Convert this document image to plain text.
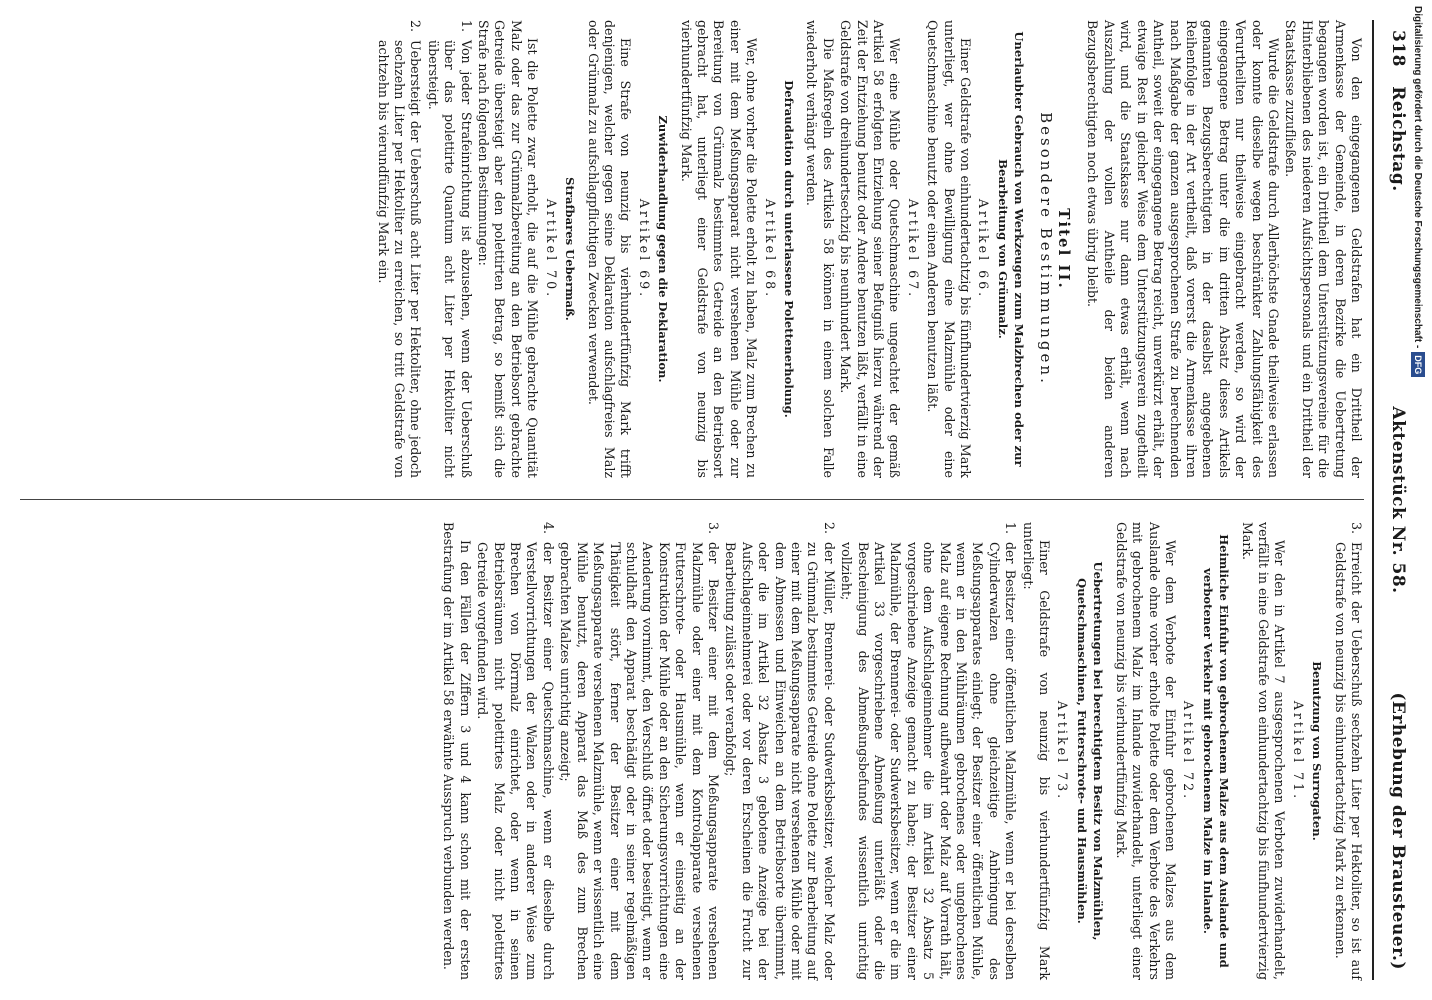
318   Reichstag.
Aktenstück Nr. 58.
(Erhebung der Brausteuer.)

Von den eingegangenen Geldstrafen hat ein Drittheil der Armenkasse der Gemeinde, in deren Bezirke die Uebertretung begangen worden ist, ein Drittheil dem Unterstützungsvereine für die Hinterbliebenen des niederen Aufsichtspersonals und ein Drittheil der Staatskasse zuzufließen.

Wurde die Geldstrafe durch Allerhöchste Gnade theilweise erlassen oder konnte dieselbe wegen beschränkter Zahlungsfähigkeit des Verurtheilten nur theilweise eingebracht werden, so wird der eingegangene Betrag unter die im dritten Absatz dieses Artikels genannten Bezugsberechtigten in der daselbst angegebenen Reihenfolge in der Art vertheilt, daß vorerst die Armenkasse ihren nach Maßgabe der ganzen ausgesprochenen Strafe zu berechnenden Antheil, soweit der eingegangene Betrag reicht, unverkürzt erhält, der etwaige Rest in gleicher Weise dem Unterstützungsverein zugetheilt wird, und die Staatskasse nur dann etwas erhält, wenn nach Auszahlung der vollen Antheile der beiden anderen Bezugsberechtigten noch etwas übrig bleibt.

Titel II.
Besondere Bestimmungen.
Unerlaubter Gebrauch von Werkzeugen zum Malzbrechen oder zur Bearbeitung von Grünmalz.
Artikel 66.

Einer Geldstrafe von einhundertachtzig bis fünfhundertvierzig Mark unterliegt, wer ohne Bewilligung eine Malzmühle oder eine Quetschmaschine benutzt oder einen Anderen benutzen läßt.

Artikel 67.

Wer eine Mühle oder Quetschmaschine ungeachtet der gemäß Artikel 58 erfolgten Entziehung seiner Befugniß hierzu während der Zeit der Entziehung benutzt oder Andere benutzen läßt, verfällt in eine Geldstrafe von dreihundertsechzig bis neunhundert Mark.

Die Maßregeln des Artikels 58 können in einem solchen Falle wiederholt verhängt werden.

Defraudation durch unterlassene Polettenerholung.
Artikel 68.

Wer, ohne vorher die Polette erholt zu haben, Malz zum Brechen zu einer mit dem Meßungsapparat nicht versehenen Mühle oder zur Bereitung von Grünmalz bestimmtes Getreide an den Betriebsort gebracht hat, unterliegt einer Geldstrafe von neunzig bis vierhundertfünfzig Mark.

Zuwiderhandlung gegen die Deklaration.
Artikel 69.

Eine Strafe von neunzig bis vierhundertfünfzig Mark trifft denjenigen, welcher gegen seine Deklaration aufschlagfreies Malz oder Grünmalz zu aufschlagpflichtigen Zwecken verwendet.

Strafbares Uebermaß.
Artikel 70.

Ist die Polette zwar erholt, die auf die Mühle gebrachte Quantität Malz oder das zur Grünmalzbereitung an den Betriebsort gebrachte Getreide übersteigt aber den polettirten Betrag, so bemißt sich die Strafe nach folgenden Bestimmungen:

1.
Von jeder Strafeinrichtung ist abzusehen, wenn der Ueberschuß über das polettirte Quantum acht Liter per Hektoliter nicht übersteigt.
2.
Uebersteigt der Ueberschuß acht Liter per Hektoliter, ohne jedoch sechzehn Liter per Hektoliter zu erreichen, so tritt Geldstrafe von achtzehn bis vierundfünfzig Mark ein.
3.
Erreicht der Ueberschuß sechzehn Liter per Hektoliter, so ist auf Geldstrafe von neunzig bis einhundertachtzig Mark zu erkennen.
Benutzung von Surrogaten.
Artikel 71.

Wer den in Artikel 7 ausgesprochenen Verboten zuwiderhandelt, verfällt in eine Geldstrafe von einhundertachtzig bis fünfhundertvierzig Mark.

Heimliche Einfuhr von gebrochenem Malze aus dem Auslande und verbotener Verkehr mit gebrochenem Malze im Inlande.
Artikel 72.

Wer dem Verbote der Einfuhr gebrochenen Malzes aus dem Auslande ohne vorher erholte Polette oder dem Verbote des Verkehrs mit gebrochenem Malz im Inlande zuwiderhandelt, unterliegt einer Geldstrafe von neunzig bis vierhundertfünfzig Mark.

Uebertretungen bei berechtigtem Besitz von Malzmühlen, Quetschmaschinen, Futterschrote- und Hausmühlen.
Artikel 73.

Einer Geldstrafe von neunzig bis vierhundertfünfzig Mark unterliegt:

1.
der Besitzer einer öffentlichen Malzmühle, wenn er bei derselben Cylinderwalzen ohne gleichzeitige Anbringung des Meßungsapparates einlegt; der Besitzer einer öffentlichen Mühle, wenn er in den Mühlräumen gebrochenes oder ungebrochenes Malz auf eigene Rechnung aufbewahrt oder Malz auf Vorrath hält, ohne dem Aufschlageinnehmer die im Artikel 32 Absatz 5 vorgeschriebene Anzeige gemacht zu haben; der Besitzer einer Malzmühle, der Brennerei- oder Sudwerksbesitzer, wenn er die im Artikel 33 vorgeschriebene Abmeßung unterläßt oder die Bescheinigung des Abmeßungsbefundes wissentlich unrichtig vollzieht;
2.
der Müller, Brennerei- oder Sudwerksbesitzer, welcher Malz oder zu Grünmalz bestimmtes Getreide ohne Polette zur Bearbeitung auf einer mit dem Meßungsapparate nicht versehenen Mühle oder mit dem Abmessen und Einweichen an dem Betriebsorte übernimmt, oder die im Artikel 32 Absatz 3 gebotene Anzeige bei der Aufschlageinnehmerei oder vor deren Erscheinen die Frucht zur Bearbeitung zulässt oder verabfolgt;
3.
der Besitzer einer mit dem Meßungsapparate versehenen Malzmühle oder einer mit dem Kontrolapparate versehenen Futterschrote- oder Hausmühle, wenn er einseitig an der Konstruktion der Mühle oder an den Sicherungsvorrichtungen eine Aenderung vornimmt, den Verschluß öffnet oder beseitigt, wenn er schuldhaft den Apparat beschädigt oder in seiner regelmäßigen Thätigkeit stört, ferner der Besitzer einer mit dem Meßungsapparate versehenen Malzmühle, wenn er wissentlich eine Mühle benutzt, deren Apparat das Maß des zum Brechen gebrachten Malzes unrichtig anzeigt;
4.
der Besitzer einer Quetschmaschine, wenn er dieselbe durch Verstellvorrichtungen der Walzen oder in anderer Weise zum Brechen von Dörrmalz einrichtet, oder wenn in seinen Betriebsräumen nicht polettirtes Malz oder nicht polettirtes Getreide vorgefunden wird.

In den Fällen der Ziffern 3 und 4 kann schon mit der ersten Bestrafung der im Artikel 58 erwähnte Ausspruch verbunden werden.

Digitalisierung gefördert durch die Deutsche Forschungsgemeinschaft -DFG
